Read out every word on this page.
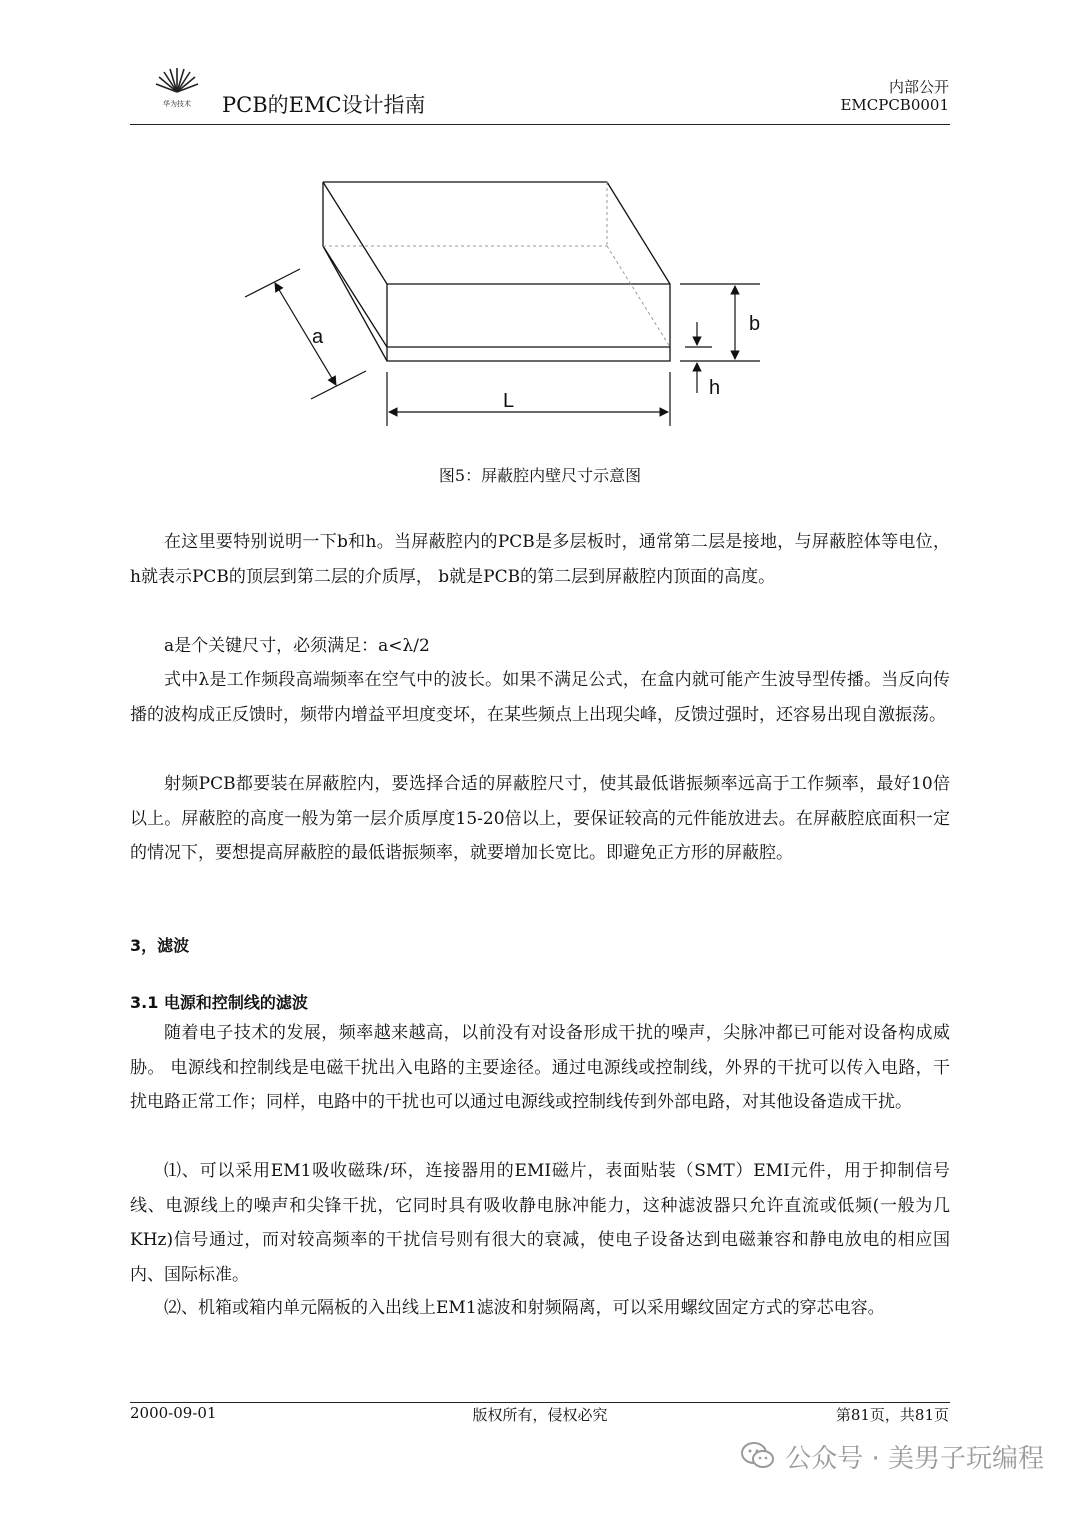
华为技术 PCB的EMC设计指南
内部公开
EMCPCB0001
a
b
h
L
图5：屏蔽腔内壁尺寸示意图
在这里要特别说明一下b和h。当屏蔽腔内的PCB是多层板时，通常第二层是接地，与屏蔽腔体等电位， h就表示PCB的顶层到第二层的介质厚， b就是PCB的第二层到屏蔽腔内顶面的高度。
a是个关键尺寸，必须满足：a<λ/2
式中λ是工作频段高端频率在空气中的波长。如果不满足公式，在盒内就可能产生波导型传播。当反向传播的波构成正反馈时，频带内增益平坦度变坏，在某些频点上出现尖峰，反馈过强时，还容易出现自激振荡。
射频PCB都要装在屏蔽腔内，要选择合适的屏蔽腔尺寸，使其最低谐振频率远高于工作频率，最好10倍以上。屏蔽腔的高度一般为第一层介质厚度15-20倍以上，要保证较高的元件能放进去。在屏蔽腔底面积一定的情况下，要想提高屏蔽腔的最低谐振频率，就要增加长宽比。即避免正方形的屏蔽腔。
3，滤波
3.1 电源和控制线的滤波
随着电子技术的发展，频率越来越高，以前没有对设备形成干扰的噪声，尖脉冲都已可能对设备构成威胁。 电源线和控制线是电磁干扰出入电路的主要途径。通过电源线或控制线，外界的干扰可以传入电路，干扰电路正常工作；同样，电路中的干扰也可以通过电源线或控制线传到外部电路，对其他设备造成干扰。
⑴、可以采用EM1吸收磁珠/环，连接器用的EMI磁片，表面贴装（SMT）EMI元件，用于抑制信号线、电源线上的噪声和尖锋干扰，它同时具有吸收静电脉冲能力，这种滤波器只允许直流或低频(一般为几KHz)信号通过，而对较高频率的干扰信号则有很大的衰减，使电子设备达到电磁兼容和静电放电的相应国内、国际标准。
⑵、机箱或箱内单元隔板的入出线上EM1滤波和射频隔离，可以采用螺纹固定方式的穿芯电容。
2000-09-01	版权所有，侵权必究	第81页，共81页
公众号 · 美男子玩编程
